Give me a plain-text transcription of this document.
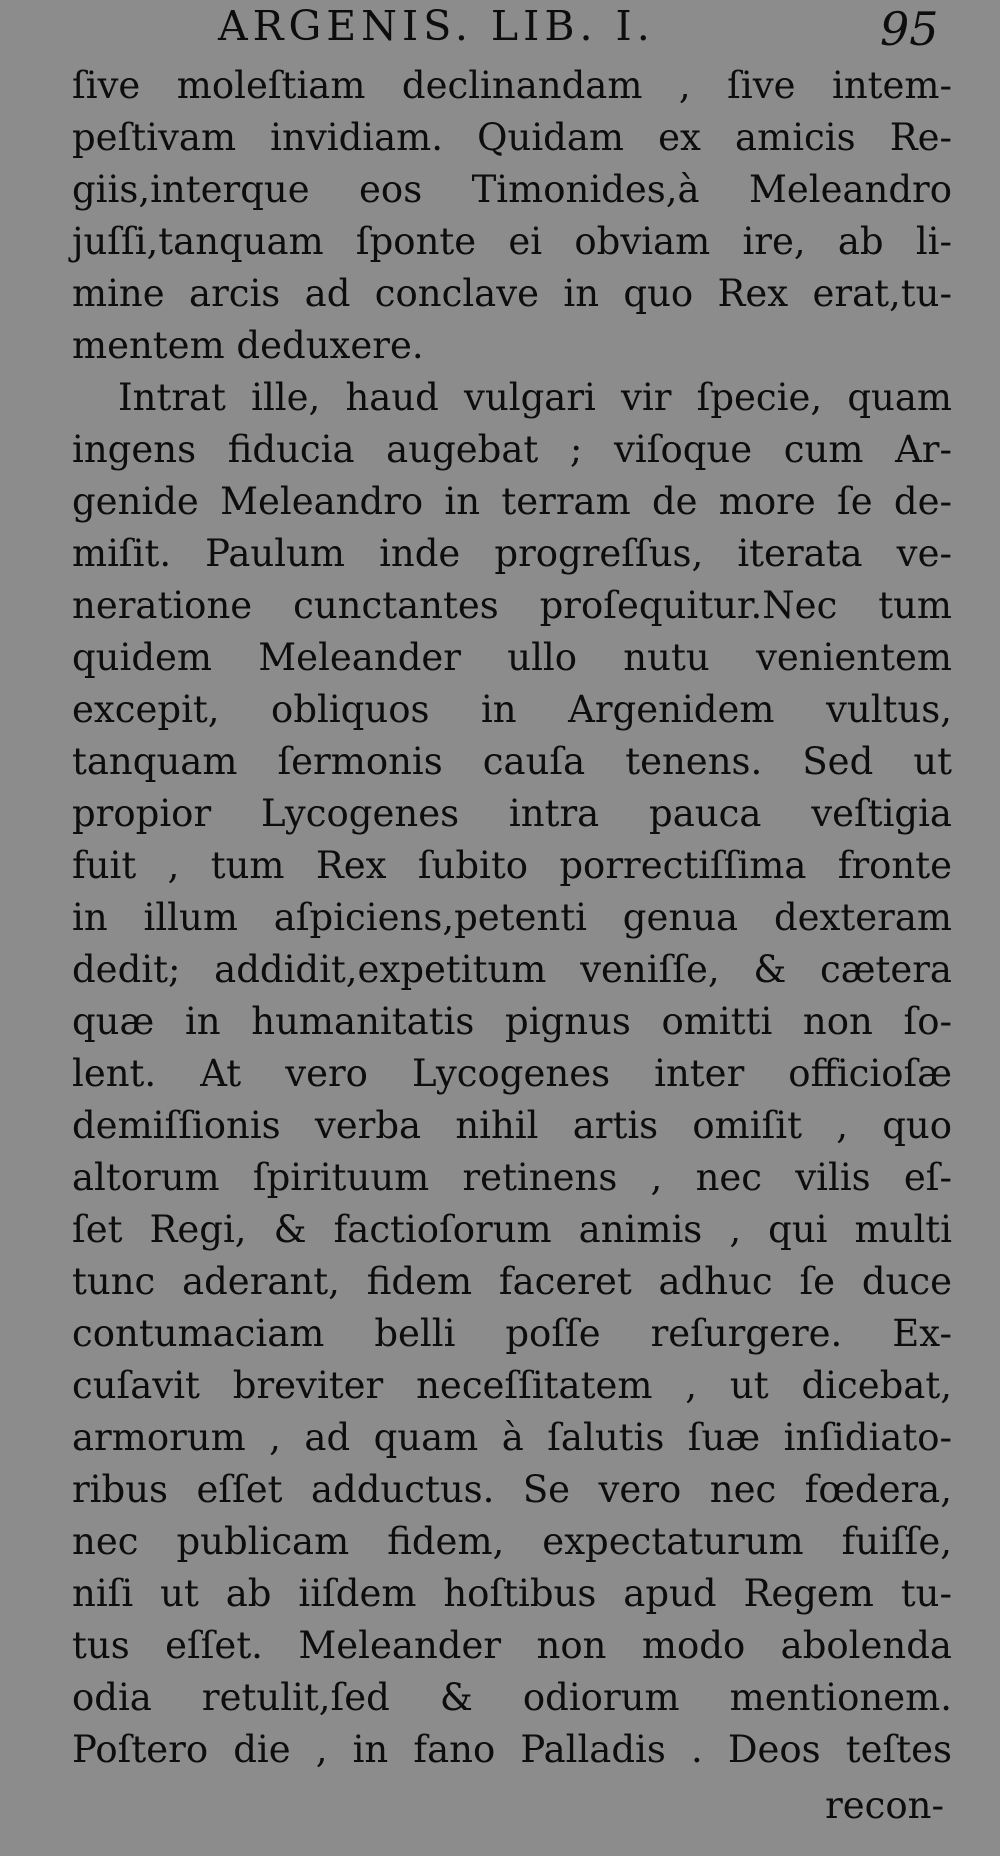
ARGENIS. LIB. I.	95
ſive moleſtiam declinandam , ſive intem-
peſtivam invidiam. Quidam ex amicis Re-
giis,interque eos Timonides,à Meleandro
juſſi,tanquam ſponte ei obviam ire, ab li-
mine arcis ad conclave in quo Rex erat,tu-
mentem deduxere.
Intrat ille, haud vulgari vir ſpecie, quam
ingens fiducia augebat ; viſoque cum Ar-
genide Meleandro in terram de more ſe de-
miſit. Paulum inde progreſſus, iterata ve-
neratione cunctantes proſequitur.Nec tum
quidem Meleander ullo nutu venientem
excepit, obliquos in Argenidem vultus,
tanquam ſermonis cauſa tenens. Sed ut
propior Lycogenes intra pauca veſtigia
fuit , tum Rex ſubito porrectiſſima fronte
in illum aſpiciens,petenti genua dexteram
dedit; addidit,expetitum veniſſe, & cætera
quæ in humanitatis pignus omitti non ſo-
lent. At vero Lycogenes inter officioſæ
demiſſionis verba nihil artis omiſit , quo
altorum ſpirituum retinens , nec vilis eſ-
ſet Regi, & factioſorum animis , qui multi
tunc aderant, fidem faceret adhuc ſe duce
contumaciam belli poſſe reſurgere. Ex-
cuſavit breviter neceſſitatem , ut dicebat,
armorum , ad quam à ſalutis ſuæ inſidiato-
ribus eſſet adductus. Se vero nec fœdera,
nec publicam fidem, expectaturum fuiſſe,
niſi ut ab iiſdem hoſtibus apud Regem tu-
tus eſſet. Meleander non modo abolenda
odia retulit,ſed & odiorum mentionem.
Poſtero die , in fano Palladis . Deos teſtes
recon-
